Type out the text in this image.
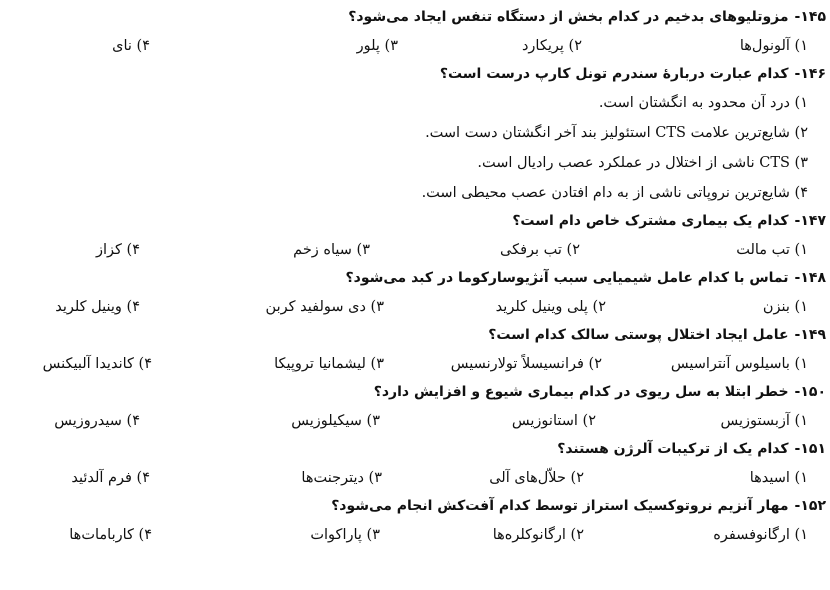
۱۴۵-مزوتلیوهای بدخیم در کدام بخش از دستگاه تنفس ایجاد می‌شود؟
۱) آلونول‌ها
۲) پریکارد
۳) پلور
۴) نای
۱۴۶-کدام عبارت دربارهٔ سندرم تونل کارپ درست است؟
۱) درد آن محدود به انگشتان است.
۲) شایع‌ترین علامت CTS استئولیز بند آخر انگشتان دست است.
۳) CTS ناشی از اختلال در عملکرد عصب رادیال است.
۴) شایع‌ترین نروپاتی ناشی از به دام افتادن عصب محیطی است.
۱۴۷-کدام یک بیماری مشترک خاص دام است؟
۱) تب مالت
۲) تب برفکی
۳) سیاه زخم
۴) کزاز
۱۴۸-تماس با کدام عامل شیمیایی سبب آنژیوسارکوما در کبد می‌شود؟
۱) بنزن
۲) پلی وینیل کلرید
۳) دی سولفید کربن
۴) وینیل کلرید
۱۴۹-عامل ایجاد اختلال پوستی سالک کدام است؟
۱) باسیلوس آنتراسیس
۲) فرانسیسلاً تولارنسیس
۳) لیشمانیا تروپیکا
۴) کاندیدا آلبیکنس
۱۵۰-خطر ابتلا به سل ریوی در کدام بیماری شیوع و افزایش دارد؟
۱) آزبستوزیس
۲) استانوزیس
۳) سیکیلوزیس
۴) سیدروزیس
۱۵۱-کدام یک از ترکیبات آلرژن هستند؟
۱) اسیدها
۲) حلاّل‌های آلی
۳) دیترجنت‌ها
۴) فرم آلدئید
۱۵۲-مهار آنزیم نروتوکسیک استراز توسط کدام آفت‌کش انجام می‌شود؟
۱) ارگانوفسفره
۲) ارگانوکلره‌ها
۳) پاراکوات
۴) کاربامات‌ها
